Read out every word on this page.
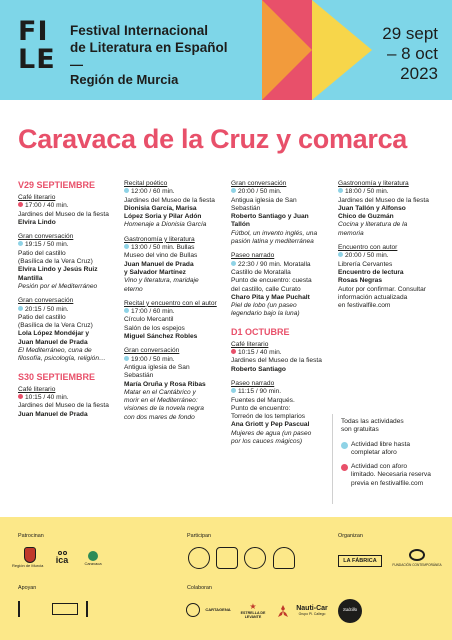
FI
LE
Festival Internacional
de Literatura en Español
—
Región de Murcia
29 sept
– 8 oct
2023
Caravaca de la Cruz y comarca
V29 SEPTIEMBRE
Café literario
17:00 / 40 min.
Jardines del Museo de la fiesta
Elvira Lindo
Gran conversación
19:15 / 50 min.
Patio del castillo
(Basílica de la Vera Cruz)
Elvira Lindo y Jesús Ruiz
Mantilla
Pesión por el Mediterráneo
Gran conversación
20:15 / 50 min.
Patio del castillo
(Basílica de la Vera Cruz)
Lola López Mondéjar y
Juan Manuel de Prada
El Mediterráneo, cuna de
filosofía, psicología, religión…
S30 SEPTIEMBRE
Café literario
10:15 / 40 min.
Jardines del Museo de la fiesta
Juan Manuel de Prada
Recital poético
12:00 / 60 min.
Jardines del Museo de la fiesta
Dionisia García, Marisa
López Soria y Pilar Adón
Homenaje a Dionisia García
Gastronomía y literatura
13:00 / 50 min. Bullas
Museo del vino de Bullas
Juan Manuel de Prada
y Salvador Martínez
Vino y literatura, maridaje
eterno
Recital y encuentro con el autor
17:00 / 60 min.
Círculo Mercantil
Salón de los espejos
Miguel Sánchez Robles
Gran conversación
19:00 / 50 min.
Antigua iglesia de San
Sebastián
María Oruña y Rosa Ribas
Matar en el Cantábrico y
morir en el Mediterráneo:
visiones de la novela negra
con dos mares de fondo
Gran conversación
20:00 / 50 min.
Antigua iglesia de San
Sebastián
Roberto Santiago y Juan
Tallón
Fútbol, un invento inglés, una
pasión latina y mediterránea
Paseo narrado
22:30 / 90 min. Moratalla
Castillo de Moratalla
Punto de encuentro: cuesta
del castillo, calle Curato
Charo Pita y Mae Puchalt
Piel de lobo (un paseo
legendario bajo la luna)
D1 OCTUBRE
Café literario
10:15 / 40 min.
Jardines del Museo de la fiesta
Roberto Santiago
Paseo narrado
11:15 / 90 min.
Fuentes del Marqués.
Punto de encuentro:
Torreón de los templarios
Ana Griott y Pep Pascual
Mujeres de agua (un paseo
por los cauces mágicos)
Gastronomía y literatura
18:00 / 50 min.
Jardines del Museo de la fiesta
Juan Tallón y Alfonso
Chico de Guzmán
Cocina y literatura de la
memoria
Encuentro con autor
20:00 / 50 min.
Librería Cervantes
Encuentro de lectura
Rosas Negras
Autor por confirmar. Consultar
información actualizada
en festivalfile.com
Todas las actividades
son gratuitas
Actividad libre hasta
completar aforo
Actividad con aforo
limitado. Necesaria reserva
previa en festivalfile.com
Patrocinan	Participan	Organizan
Apoyan	Colaboran
Región de Murcia
ica	Caravaca	LA FÁBRICA
FUNDACIÓN CONTEMPORÁNEA
CARTAGENA	★
ESTRELLA DE LEVANTE
Nauti-Car
Grupo Pl. Callego
Salzillo
